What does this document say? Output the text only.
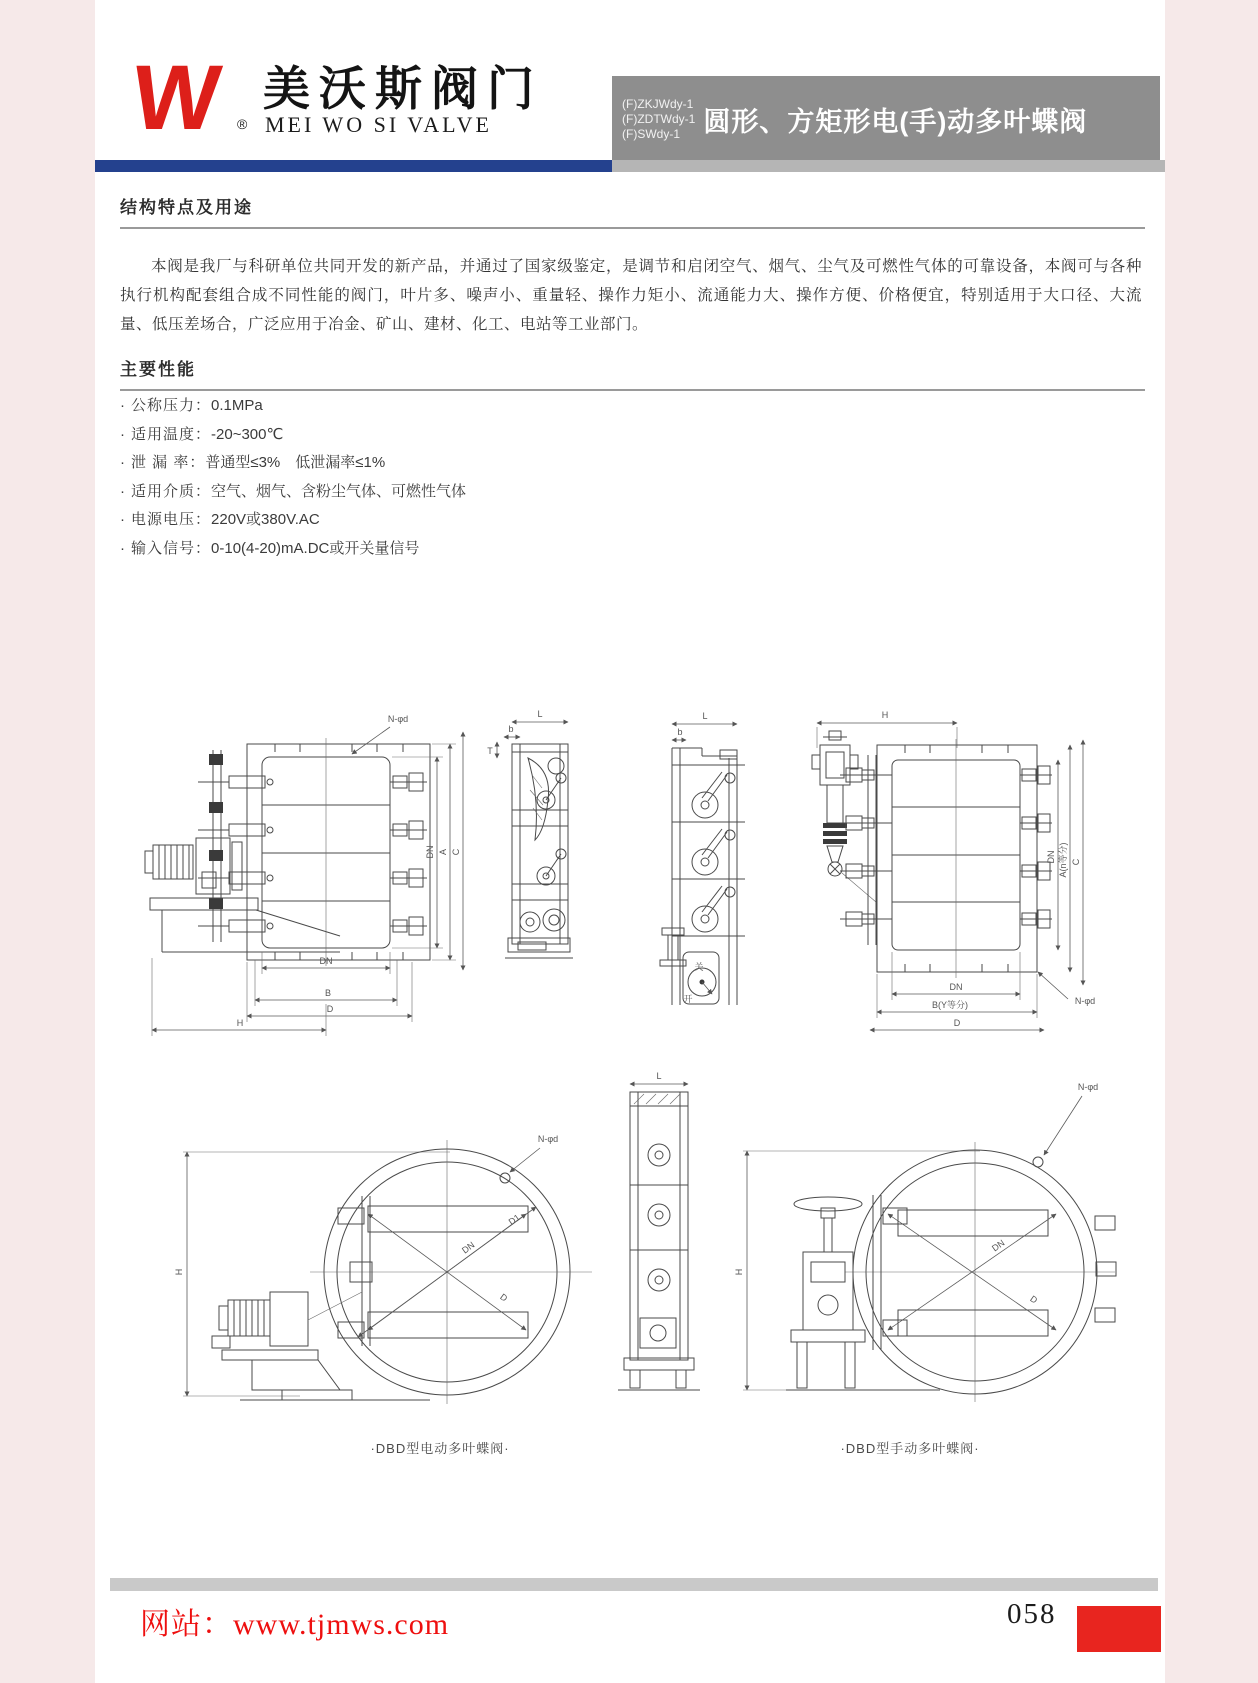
W ®
美沃斯阀门
MEI WO SI VALVE
(F)ZKJWdy-1
(F)ZDTWdy-1
(F)SWdy-1 圆形、方矩形电(手)动多叶蝶阀
结构特点及用途

本阀是我厂与科研单位共同开发的新产品，并通过了国家级鉴定，是调节和启闭空气、烟气、尘气及可燃性气体的可靠设备，本阀可与各种执行机构配套组合成不同性能的阀门，叶片多、噪声小、重量轻、操作力矩小、流通能力大、操作方便、价格便宜，特别适用于大口径、大流量、低压差场合，广泛应用于冶金、矿山、建材、化工、电站等工业部门。

主要性能
· 公称压力：0.1MPa
· 适用温度：-20~300℃
· 泄 漏 率：普通型≤3%　低泄漏率≤1%
· 适用介质：空气、烟气、含粉尘气体、可燃性气体
· 电源电压：220V或380V.AC
· 输入信号：0-10(4-20)mA.DC或开关量信号
N-φd
DN A C
DN
B
D
H
L
b
T
L
b
关
开
H
DN A(n等分) C
DN
B(Y等分)
D
N-φd
H
DN
D1
D
N-φd
L
H
DN
D
N-φd
·DBD型电动多叶蝶阀·	·DBD型手动多叶蝶阀·
网站：www.tjmws.com	058
